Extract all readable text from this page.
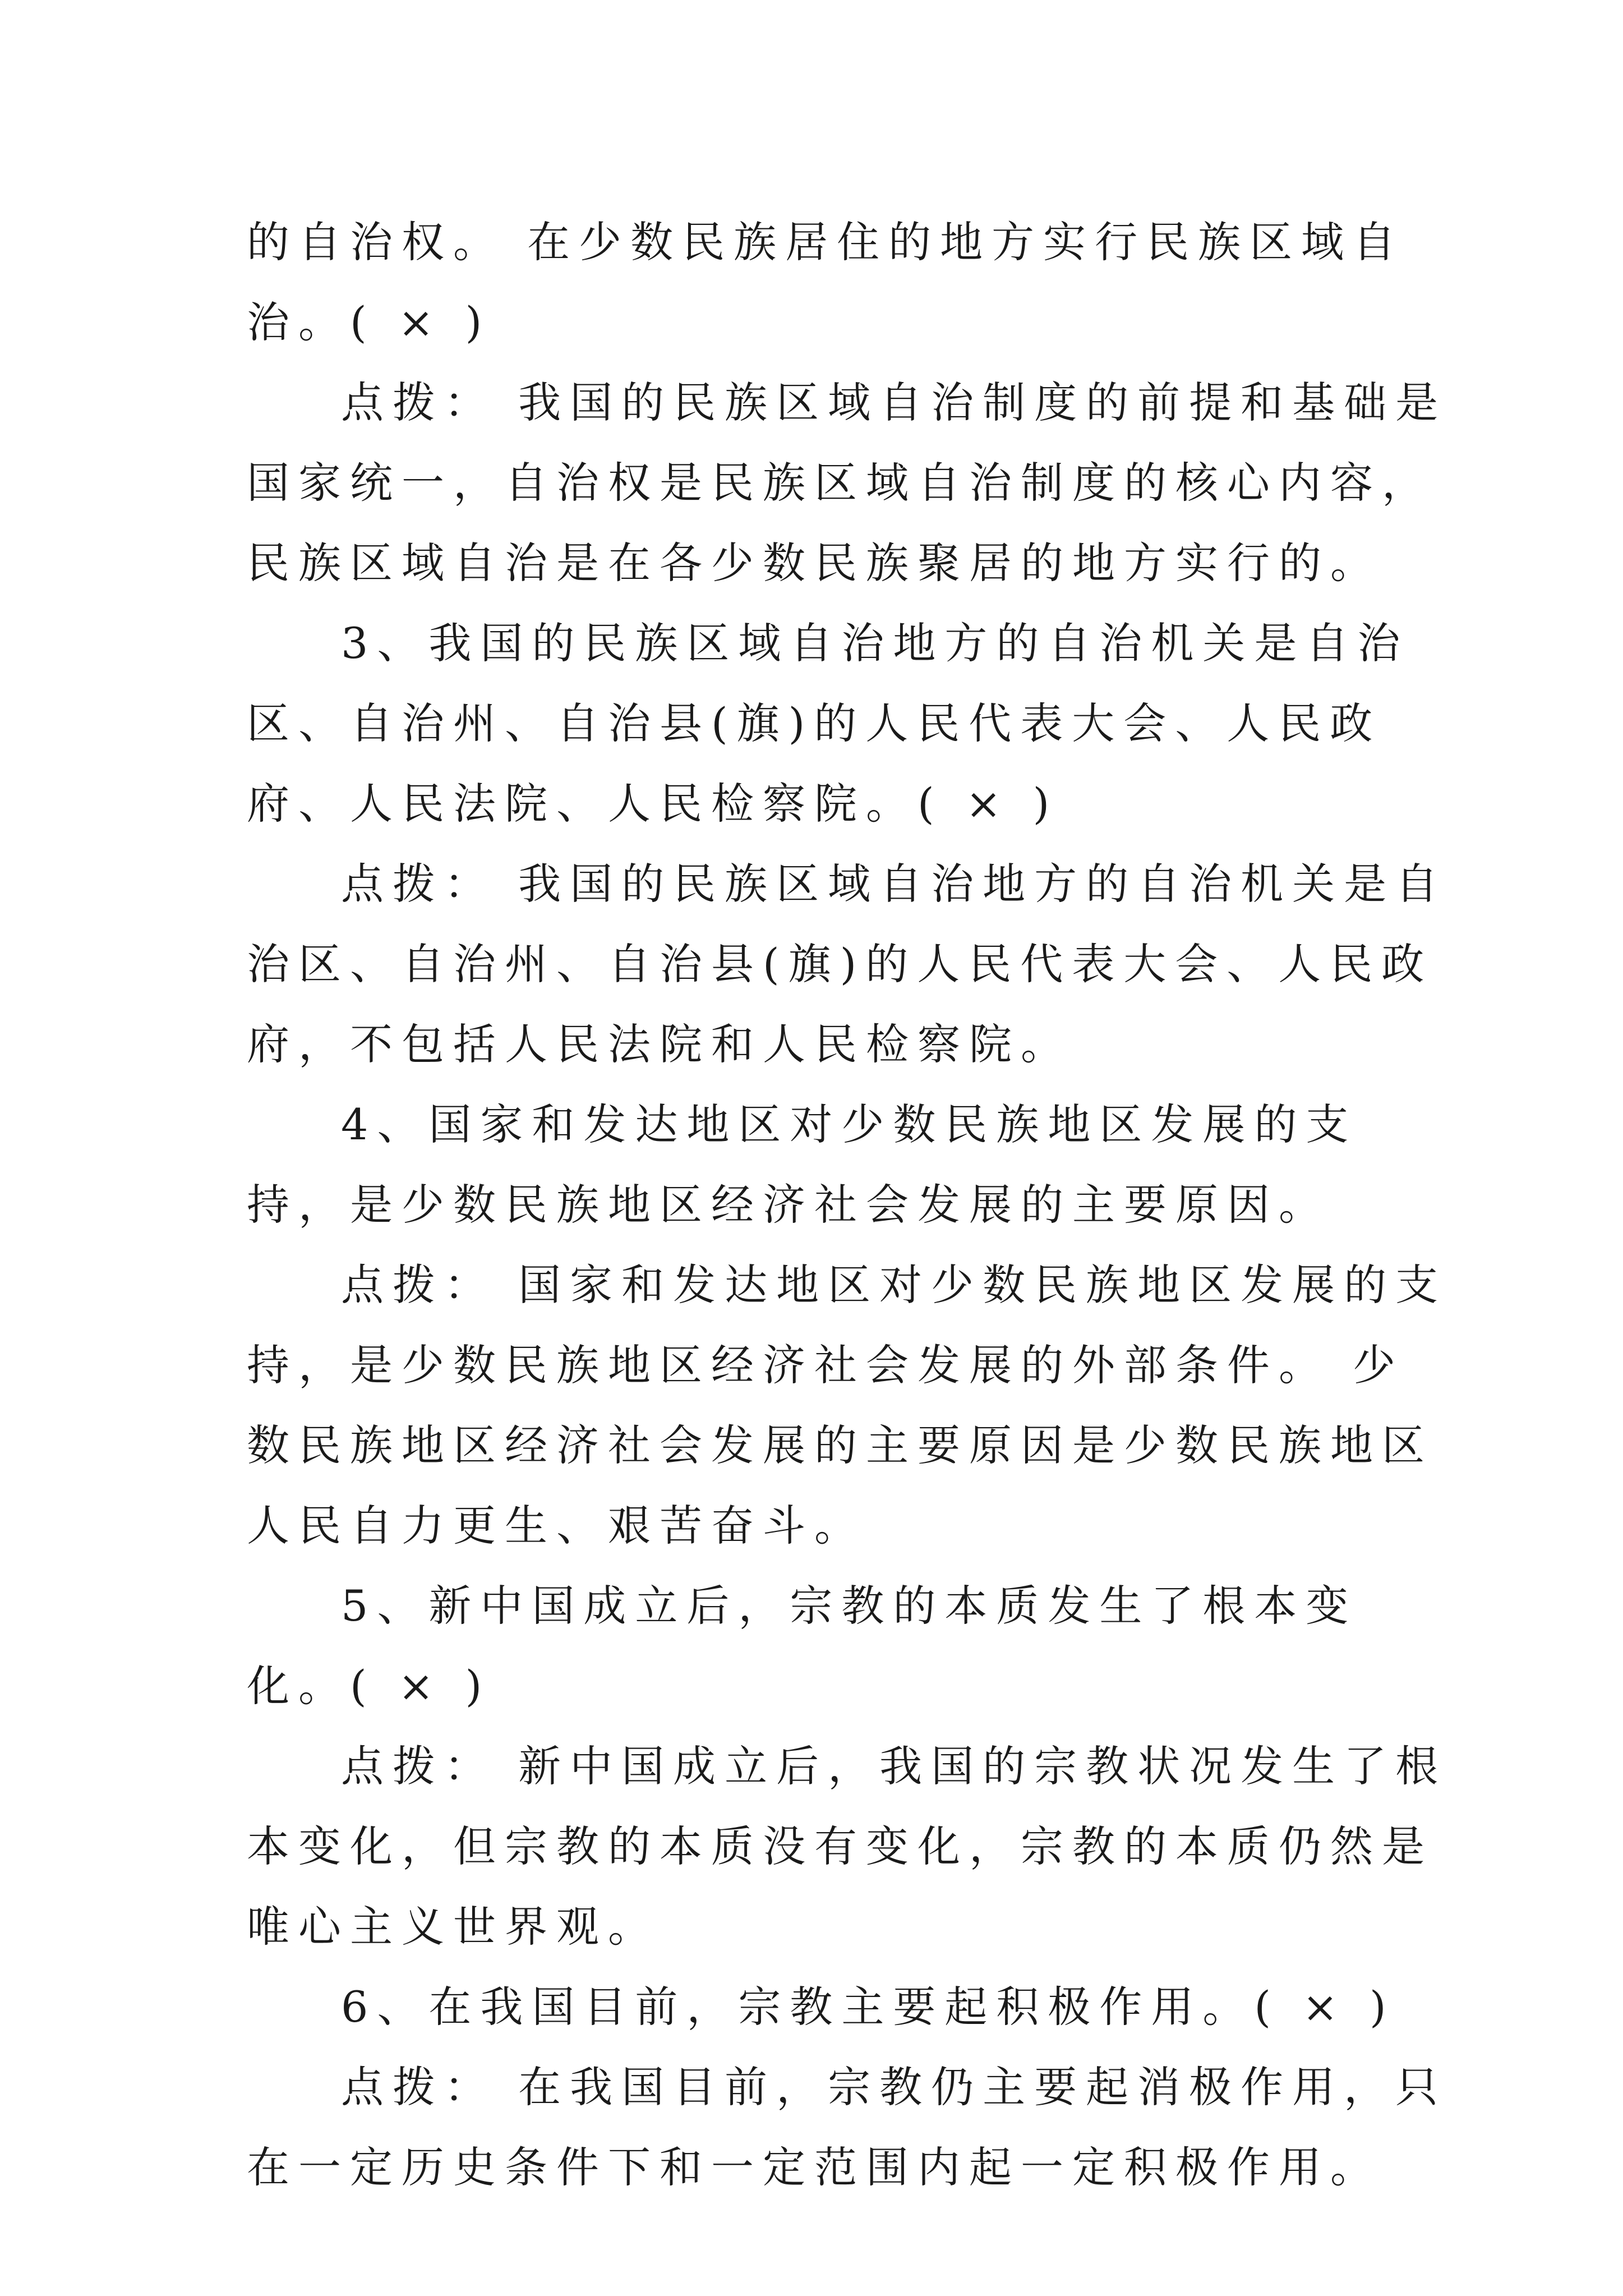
的自治权。 在少数民族居住的地方实行民族区域自治。( × )

点拨： 我国的民族区域自治制度的前提和基础是国家统一，自治权是民族区域自治制度的核心内容，民族区域自治是在各少数民族聚居的地方实行的。

3、我国的民族区域自治地方的自治机关是自治区、自治州、自治县(旗)的人民代表大会、人民政府、人民法院、人民检察院。( × )

点拨： 我国的民族区域自治地方的自治机关是自治区、自治州、自治县(旗)的人民代表大会、人民政府，不包括人民法院和人民检察院。

4、国家和发达地区对少数民族地区发展的支持，是少数民族地区经济社会发展的主要原因。

点拨： 国家和发达地区对少数民族地区发展的支持，是少数民族地区经济社会发展的外部条件。 少数民族地区经济社会发展的主要原因是少数民族地区人民自力更生、艰苦奋斗。

5、新中国成立后，宗教的本质发生了根本变化。( × )

点拨： 新中国成立后，我国的宗教状况发生了根本变化，但宗教的本质没有变化，宗教的本质仍然是唯心主义世界观。

6、在我国目前，宗教主要起积极作用。( × )

点拨： 在我国目前，宗教仍主要起消极作用，只在一定历史条件下和一定范围内起一定积极作用。
